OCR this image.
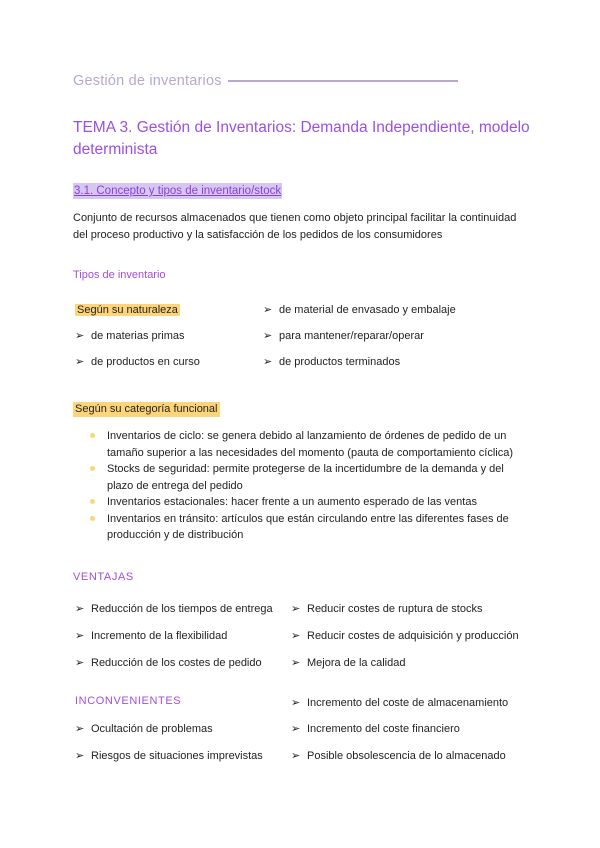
Gestión de inventarios
TEMA 3. Gestión de Inventarios: Demanda Independiente, modelo determinista
3.1. Concepto y tipos de inventario/stock

Conjunto de recursos almacenados que tienen como objeto principal facilitar la continuidad del proceso productivo y la satisfacción de los pedidos de los consumidores

Tipos de inventario
Según su naturaleza
➢ de materias primas
➢ de productos en curso
➢ de material de envasado y embalaje
➢ para mantener/reparar/operar
➢ de productos terminados
Según su categoría funcional
Inventarios de ciclo: se genera debido al lanzamiento de órdenes de pedido de un tamaño superior a las necesidades del momento (pauta de comportamiento cíclica)
Stocks de seguridad: permite protegerse de la incertidumbre de la demanda y del plazo de entrega del pedido
Inventarios estacionales: hacer frente a un aumento esperado de las ventas
Inventarios en tránsito: artículos que están circulando entre las diferentes fases de producción y de distribución
VENTAJAS
➢ Reducción de los tiempos de entrega
➢ Incremento de la flexibilidad
➢ Reducción de los costes de pedido
➢ Reducir costes de ruptura de stocks
➢ Reducir costes de adquisición y producción
➢ Mejora de la calidad
INCONVENIENTES
➢ Ocultación de problemas
➢ Riesgos de situaciones imprevistas
➢ Incremento del coste de almacenamiento
➢ Incremento del coste financiero
➢ Posible obsolescencia de lo almacenado
